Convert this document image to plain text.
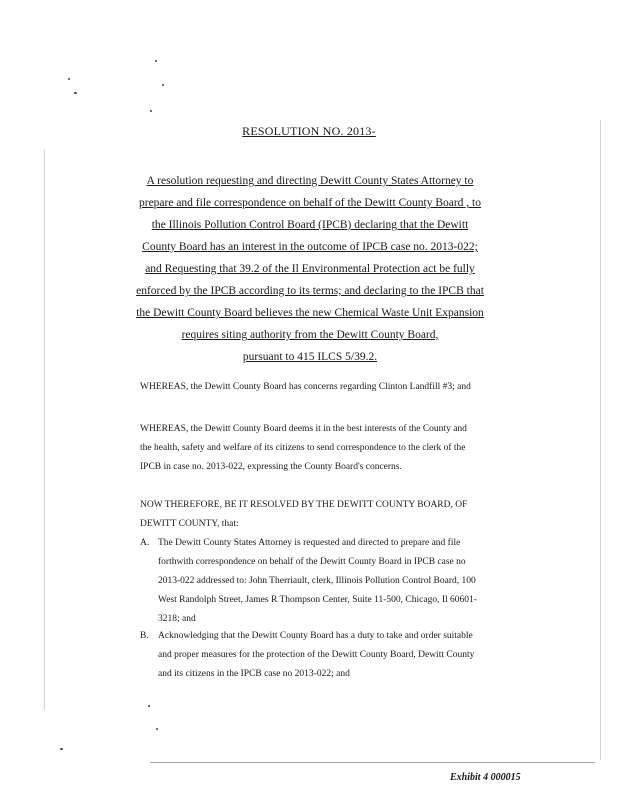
RESOLUTION NO. 2013-
A resolution requesting and directing Dewitt County States Attorney to
prepare and file correspondence on behalf of the Dewitt County Board , to
the Illinois Pollution Control Board (IPCB) declaring that the Dewitt
County Board has an interest in the outcome of IPCB case no. 2013-022;
and Requesting that 39.2 of the Il Environmental Protection act be fully
enforced by the IPCB according to its terms; and declaring to the IPCB that
the Dewitt County Board believes the new Chemical Waste Unit Expansion
requires siting authority from the Dewitt County Board,
pursuant to 415 ILCS 5/39.2.
WHEREAS, the Dewitt County Board has concerns regarding Clinton Landfill #3; and
WHEREAS, the Dewitt County Board deems it in the best interests of the County and
the health, safety and welfare of its citizens to send correspondence to the clerk of the
IPCB in case no. 2013-022, expressing the County Board's concerns.
NOW THEREFORE, BE IT RESOLVED BY THE DEWITT COUNTY BOARD, OF
DEWITT COUNTY, that:
A. The Dewitt County States Attorney is requested and directed to prepare and file
forthwith correspondence on behalf of the Dewitt County Board in IPCB case no
2013-022 addressed to: John Therriault, clerk, Illinois Pollution Control Board, 100
West Randolph Street, James R Thompson Center, Suite 11-500, Chicago, Il 60601-
3218; and
B. Acknowledging that the Dewitt County Board has a duty to take and order suitable
and proper measures for the protection of the Dewitt County Board, Dewitt County
and its citizens in the IPCB case no 2013-022; and
Exhibit 4 000015
